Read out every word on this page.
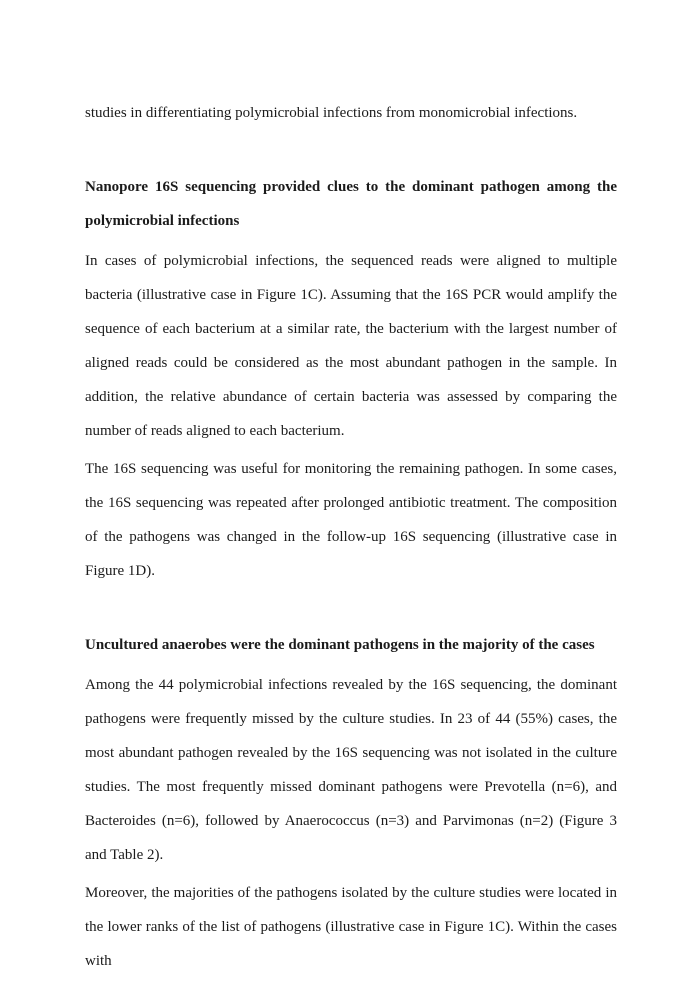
studies in differentiating polymicrobial infections from monomicrobial infections.

Nanopore 16S sequencing provided clues to the dominant pathogen among the polymicrobial infections

In cases of polymicrobial infections, the sequenced reads were aligned to multiple bacteria (illustrative case in Figure 1C). Assuming that the 16S PCR would amplify the sequence of each bacterium at a similar rate, the bacterium with the largest number of aligned reads could be considered as the most abundant pathogen in the sample. In addition, the relative abundance of certain bacteria was assessed by comparing the number of reads aligned to each bacterium.

The 16S sequencing was useful for monitoring the remaining pathogen. In some cases, the 16S sequencing was repeated after prolonged antibiotic treatment. The composition of the pathogens was changed in the follow-up 16S sequencing (illustrative case in Figure 1D).

Uncultured anaerobes were the dominant pathogens in the majority of the cases

Among the 44 polymicrobial infections revealed by the 16S sequencing, the dominant pathogens were frequently missed by the culture studies. In 23 of 44 (55%) cases, the most abundant pathogen revealed by the 16S sequencing was not isolated in the culture studies. The most frequently missed dominant pathogens were Prevotella (n=6), and Bacteroides (n=6), followed by Anaerococcus (n=3) and Parvimonas (n=2) (Figure 3 and Table 2).

Moreover, the majorities of the pathogens isolated by the culture studies were located in the lower ranks of the list of pathogens (illustrative case in Figure 1C). Within the cases with
